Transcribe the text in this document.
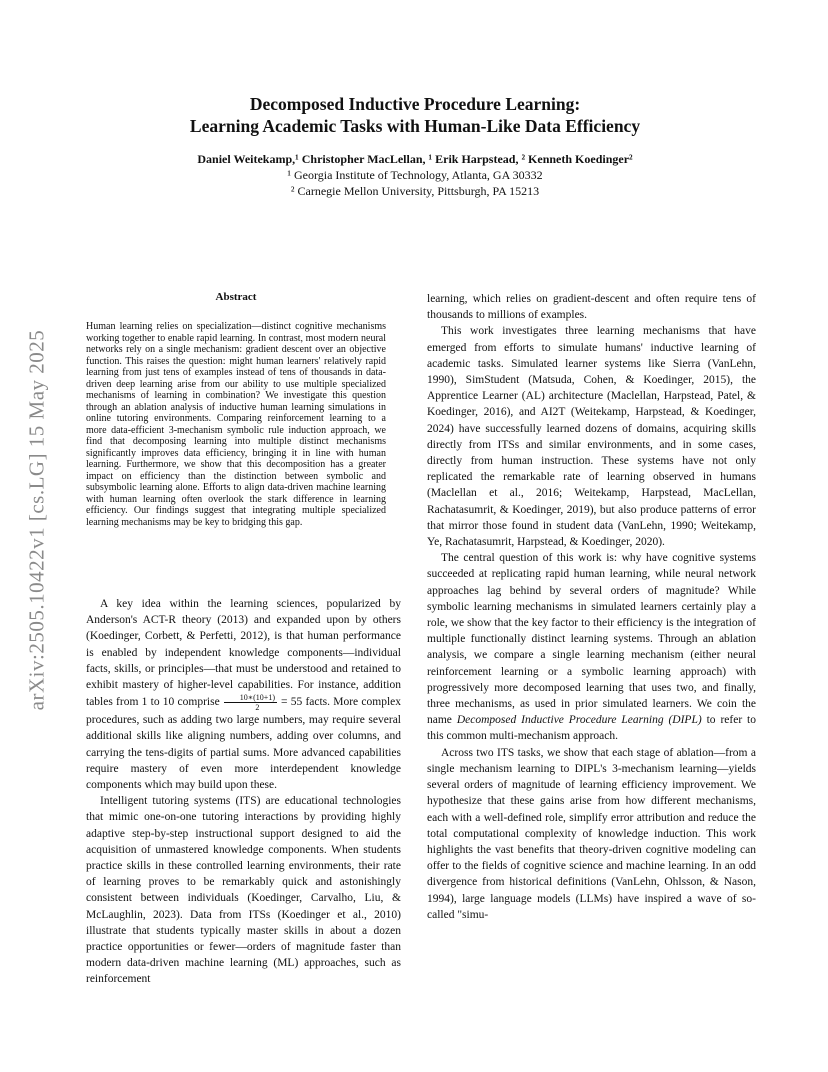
arXiv:2505.10422v1 [cs.LG] 15 May 2025
Decomposed Inductive Procedure Learning:
Learning Academic Tasks with Human-Like Data Efficiency
Daniel Weitekamp,¹ Christopher MacLellan, ¹ Erik Harpstead, ² Kenneth Koedinger²
¹ Georgia Institute of Technology, Atlanta, GA 30332
² Carnegie Mellon University, Pittsburgh, PA 15213
Abstract
Human learning relies on specialization—distinct cognitive mechanisms working together to enable rapid learning. In contrast, most modern neural networks rely on a single mechanism: gradient descent over an objective function. This raises the question: might human learners' relatively rapid learning from just tens of examples instead of tens of thousands in data-driven deep learning arise from our ability to use multiple specialized mechanisms of learning in combination? We investigate this question through an ablation analysis of inductive human learning simulations in online tutoring environments. Comparing reinforcement learning to a more data-efficient 3-mechanism symbolic rule induction approach, we find that decomposing learning into multiple distinct mechanisms significantly improves data efficiency, bringing it in line with human learning. Furthermore, we show that this decomposition has a greater impact on efficiency than the distinction between symbolic and subsymbolic learning alone. Efforts to align data-driven machine learning with human learning often overlook the stark difference in learning efficiency. Our findings suggest that integrating multiple specialized learning mechanisms may be key to bridging this gap.

A key idea within the learning sciences, popularized by Anderson's ACT-R theory (2013) and expanded upon by others (Koedinger, Corbett, & Perfetti, 2012), is that human performance is enabled by independent knowledge components—individual facts, skills, or principles—that must be understood and retained to exhibit mastery of higher-level capabilities. For instance, addition tables from 1 to 10 comprise $\frac{10∗(10+1)}{2} = 55$ facts. More complex procedures, such as adding two large numbers, may require several additional skills like aligning numbers, adding over columns, and carrying the tens-digits of partial sums. More advanced capabilities require mastery of even more interdependent knowledge components which may build upon these.

Intelligent tutoring systems (ITS) are educational technologies that mimic one-on-one tutoring interactions by providing highly adaptive step-by-step instructional support designed to aid the acquisition of unmastered knowledge components. When students practice skills in these controlled learning environments, their rate of learning proves to be remarkably quick and astonishingly consistent between individuals (Koedinger, Carvalho, Liu, & McLaughlin, 2023). Data from ITSs (Koedinger et al., 2010) illustrate that students typically master skills in about a dozen practice opportunities or fewer—orders of magnitude faster than modern data-driven machine learning (ML) approaches, such as reinforcement

learning, which relies on gradient-descent and often require tens of thousands to millions of examples.

This work investigates three learning mechanisms that have emerged from efforts to simulate humans' inductive learning of academic tasks. Simulated learner systems like Sierra (VanLehn, 1990), SimStudent (Matsuda, Cohen, & Koedinger, 2015), the Apprentice Learner (AL) architecture (Maclellan, Harpstead, Patel, & Koedinger, 2016), and AI2T (Weitekamp, Harpstead, & Koedinger, 2024) have successfully learned dozens of domains, acquiring skills directly from ITSs and similar environments, and in some cases, directly from human instruction. These systems have not only replicated the remarkable rate of learning observed in humans (Maclellan et al., 2016; Weitekamp, Harpstead, MacLellan, Rachatasumrit, & Koedinger, 2019), but also produce patterns of error that mirror those found in student data (VanLehn, 1990; Weitekamp, Ye, Rachatasumrit, Harpstead, & Koedinger, 2020).

The central question of this work is: why have cognitive systems succeeded at replicating rapid human learning, while neural network approaches lag behind by several orders of magnitude? While symbolic learning mechanisms in simulated learners certainly play a role, we show that the key factor to their efficiency is the integration of multiple functionally distinct learning systems. Through an ablation analysis, we compare a single learning mechanism (either neural reinforcement learning or a symbolic learning approach) with progressively more decomposed learning that uses two, and finally, three mechanisms, as used in prior simulated learners. We coin the name Decomposed Inductive Procedure Learning (DIPL) to refer to this common multi-mechanism approach.

Across two ITS tasks, we show that each stage of ablation—from a single mechanism learning to DIPL's 3-mechanism learning—yields several orders of magnitude of learning efficiency improvement. We hypothesize that these gains arise from how different mechanisms, each with a well-defined role, simplify error attribution and reduce the total computational complexity of knowledge induction. This work highlights the vast benefits that theory-driven cognitive modeling can offer to the fields of cognitive science and machine learning. In an odd divergence from historical definitions (VanLehn, Ohlsson, & Nason, 1994), large language models (LLMs) have inspired a wave of so-called "simu-
